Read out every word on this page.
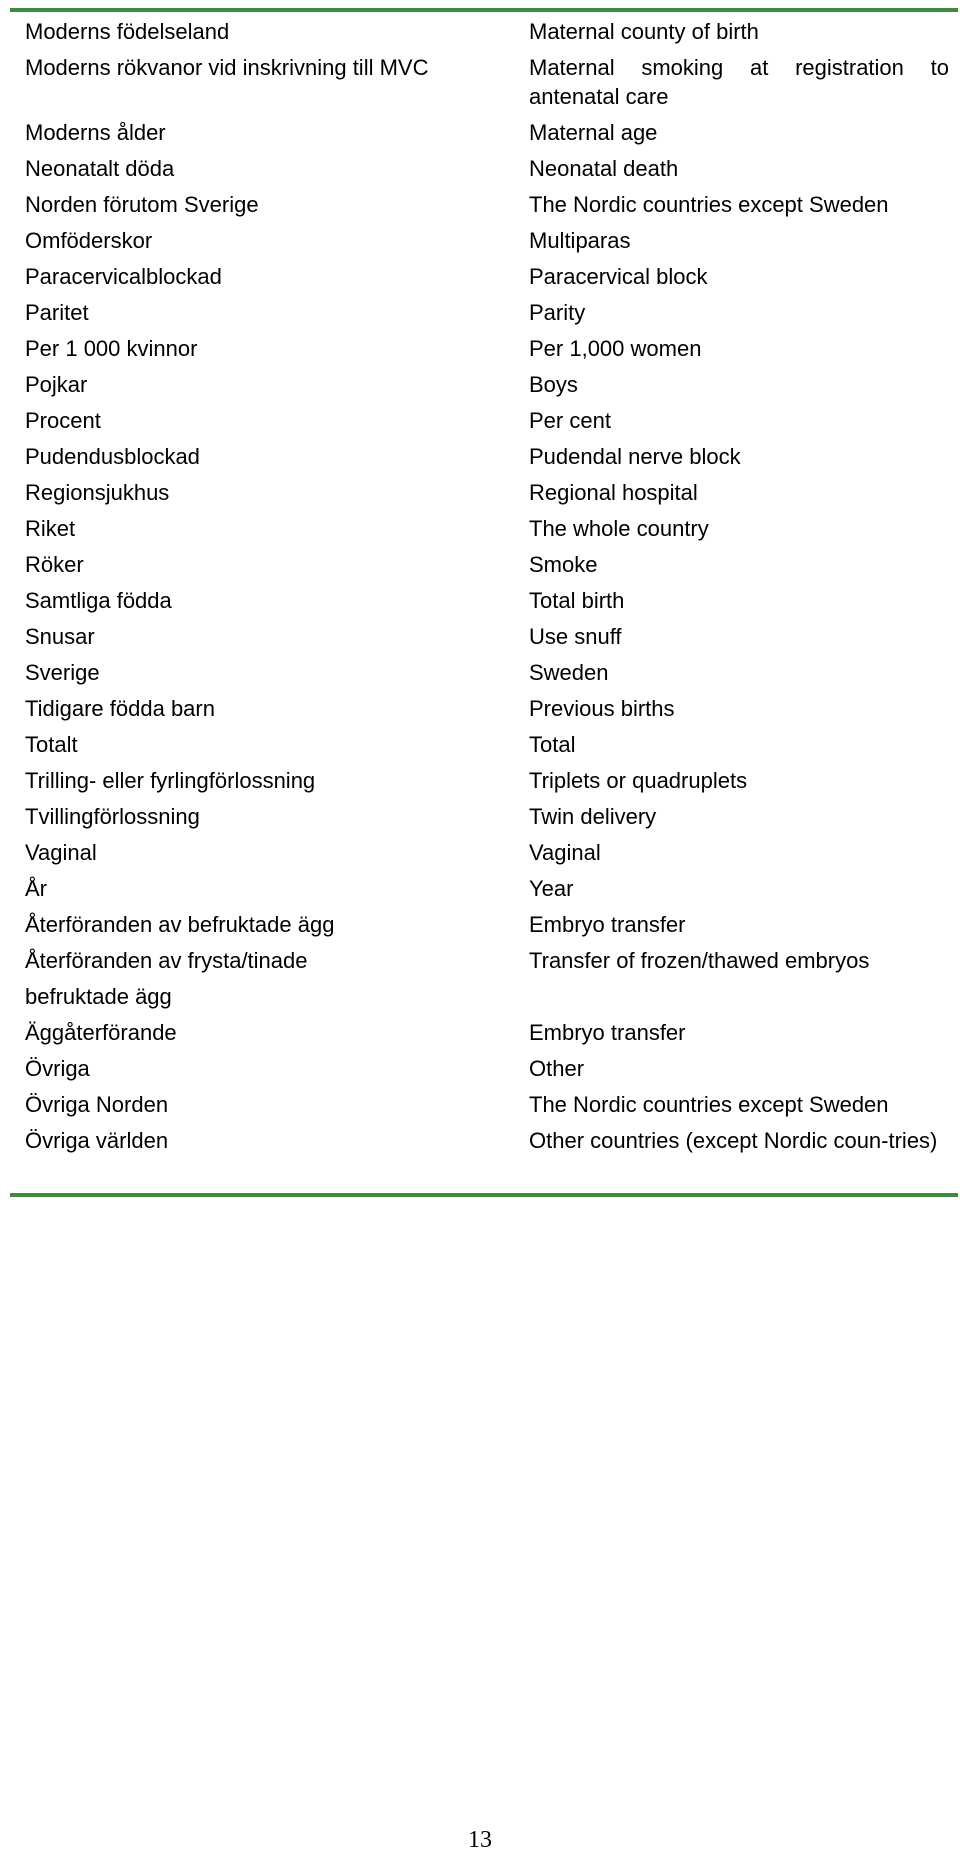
Moderns födelseland	Maternal county of birth
Moderns rökvanor vid inskrivning till MVC	Maternal smoking at registration to antenatal care
Moderns ålder	Maternal age
Neonatalt döda	Neonatal death
Norden förutom Sverige	The Nordic countries except Sweden
Omföderskor	Multiparas
Paracervicalblockad	Paracervical block
Paritet	Parity
Per 1 000 kvinnor	Per 1,000 women
Pojkar	Boys
Procent	Per cent
Pudendusblockad	Pudendal nerve block
Regionsjukhus	Regional hospital
Riket	The whole country
Röker	Smoke
Samtliga födda	Total birth
Snusar	Use snuff
Sverige	Sweden
Tidigare födda barn	Previous births
Totalt	Total
Trilling- eller fyrlingförlossning	Triplets or quadruplets
Tvillingförlossning	Twin delivery
Vaginal	Vaginal
År	Year
Återföranden av befruktade ägg	Embryo transfer
Återföranden av frysta/tinade	Transfer of frozen/thawed embryos
befruktade ägg
Äggåterförande	Embryo transfer
Övriga	Other
Övriga Norden	The Nordic countries except Sweden
Övriga världen	Other countries (except Nordic coun-tries)
13
